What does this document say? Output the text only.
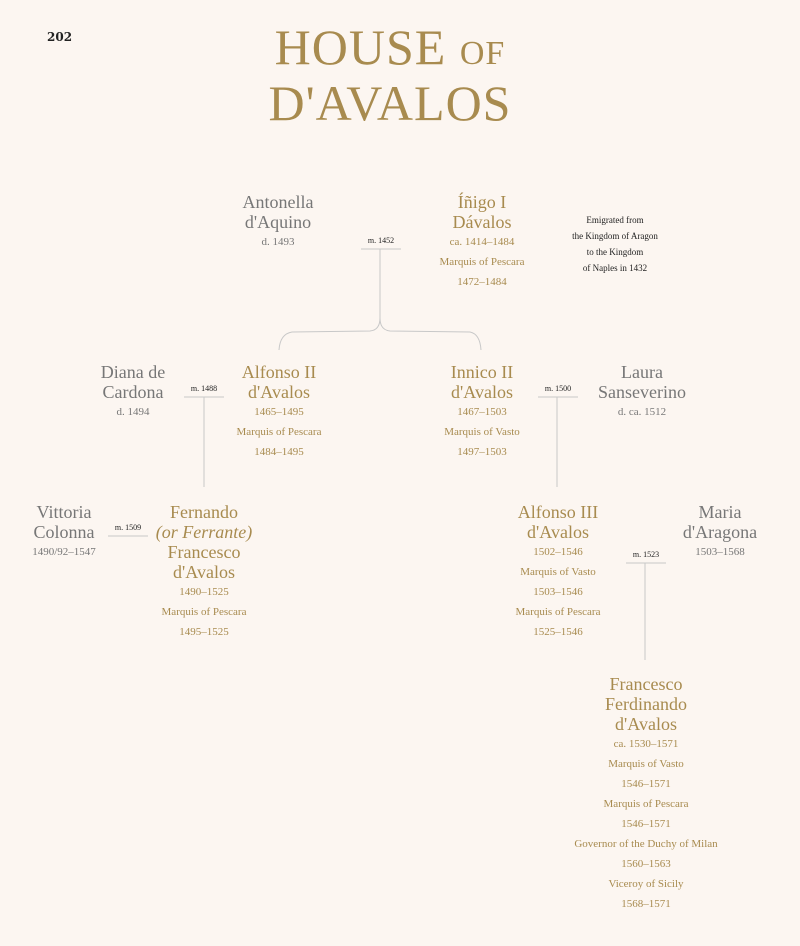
202	HOUSE OF
D'AVALOS
m. 1452
m. 1488	m. 1500
m. 1509
m. 1523
Emigrated from
the Kingdom of Aragon
to the Kingdom
of Naples in 1432
Antonella
d'Aquino
d. 1493
Íñigo I
Dávalos
ca. 1414–1484
Marquis of Pescara
1472–1484
Diana de
Cardona
d. 1494
Alfonso II
d'Avalos
1465–1495
Marquis of Pescara
1484–1495
Innico II
d'Avalos
1467–1503
Marquis of Vasto
1497–1503
Laura
Sanseverino
d. ca. 1512
Vittoria
Colonna
1490/92–1547
Fernando
(or Ferrante)
Francesco
d'Avalos
1490–1525
Marquis of Pescara
1495–1525
Alfonso III
d'Avalos
1502–1546
Marquis of Vasto
1503–1546
Marquis of Pescara
1525–1546
Maria
d'Aragona
1503–1568
Francesco
Ferdinando
d'Avalos
ca. 1530–1571
Marquis of Vasto
1546–1571
Marquis of Pescara
1546–1571
Governor of the Duchy of Milan
1560–1563
Viceroy of Sicily
1568–1571
